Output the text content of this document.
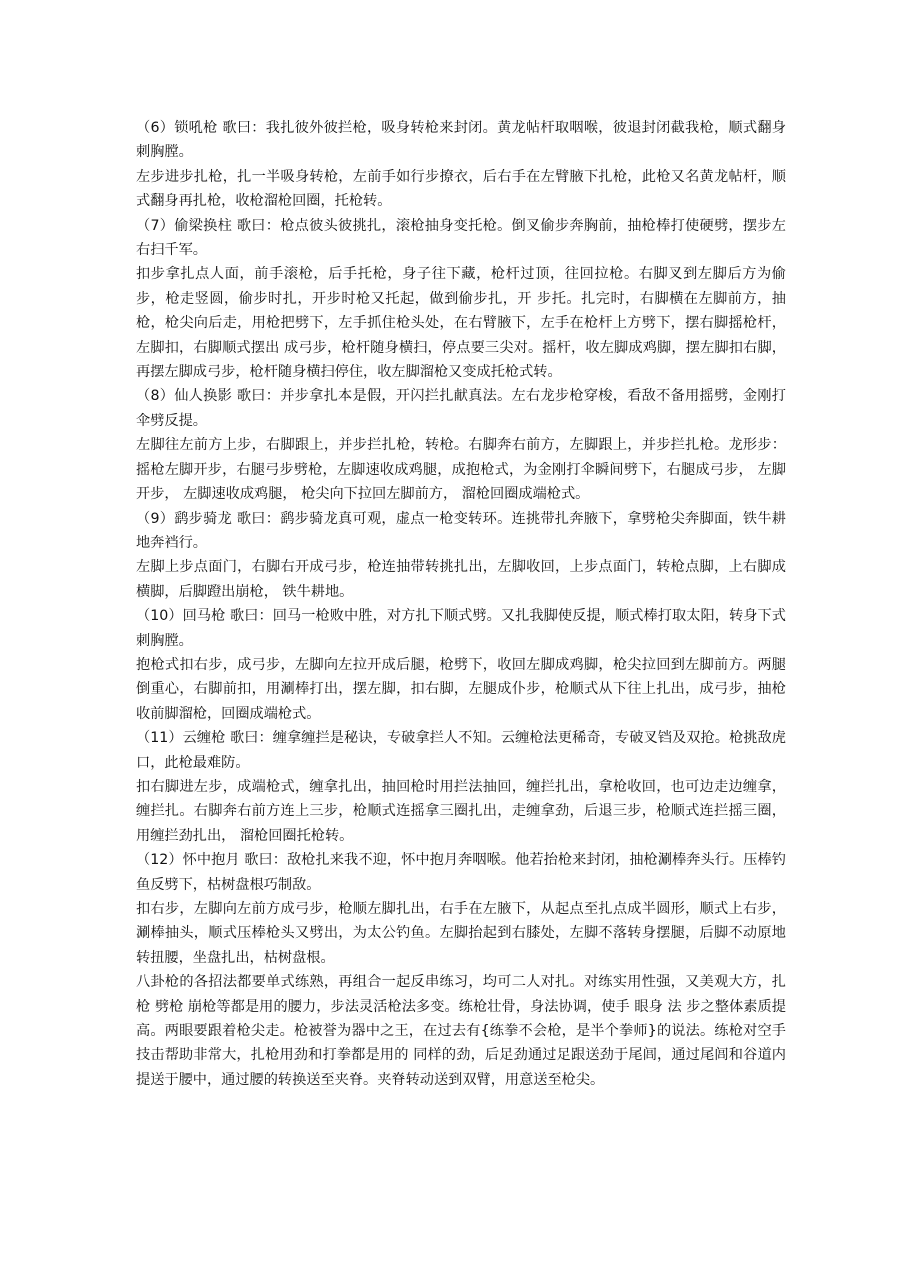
（6）锁吼枪 歌曰：我扎彼外彼拦枪，吸身转枪来封闭。黄龙帖杆取咽喉，彼退封闭截我枪，顺式翻身刺胸膛。

左步进步扎枪，扎一半吸身转枪，左前手如行步撩衣，后右手在左臂腋下扎枪，此枪又名黄龙帖杆，顺式翻身再扎枪，收枪溜枪回圈，托枪转。

（7）偷梁换柱 歌曰：枪点彼头彼挑扎，滚枪抽身变托枪。倒叉偷步奔胸前，抽枪棒打使硬劈，摆步左右扫千军。

扣步拿扎点人面，前手滚枪，后手托枪，身子往下藏，枪杆过顶，往回拉枪。右脚叉到左脚后方为偷步，枪走竖圆，偷步时扎，开步时枪又托起，做到偷步扎，开 步托。扎完时，右脚横在左脚前方，抽枪，枪尖向后走，用枪把劈下，左手抓住枪头处，在右臂腋下，左手在枪杆上方劈下，摆右脚摇枪杆，左脚扣，右脚顺式摆出 成弓步，枪杆随身横扫，停点要三尖对。摇杆，收左脚成鸡脚，摆左脚扣右脚，再摆左脚成弓步，枪杆随身横扫停住，收左脚溜枪又变成托枪式转。

（8）仙人换影 歌曰：并步拿扎本是假，开闪拦扎献真法。左右龙步枪穿梭，看敌不备用摇劈，金刚打伞劈反提。

左脚往左前方上步，右脚跟上，并步拦扎枪，转枪。右脚奔右前方，左脚跟上，并步拦扎枪。龙形步：摇枪左脚开步，右腿弓步劈枪，左脚速收成鸡腿，成抱枪式，为金刚打伞瞬间劈下，右腿成弓步， 左脚开步， 左脚速收成鸡腿， 枪尖向下拉回左脚前方， 溜枪回圈成端枪式。

（9）鹞步骑龙 歌曰：鹞步骑龙真可观，虚点一枪变转环。连挑带扎奔腋下，拿劈枪尖奔脚面，铁牛耕地奔裆行。

左脚上步点面门，右脚右开成弓步，枪连抽带转挑扎出，左脚收回，上步点面门，转枪点脚，上右脚成横脚，后脚蹬出崩枪， 铁牛耕地。

（10）回马枪 歌曰：回马一枪败中胜，对方扎下顺式劈。又扎我脚使反提，顺式棒打取太阳，转身下式刺胸膛。

抱枪式扣右步，成弓步，左脚向左拉开成后腿，枪劈下，收回左脚成鸡脚，枪尖拉回到左脚前方。两腿倒重心，右脚前扣，用涮棒打出，摆左脚，扣右脚，左腿成仆步，枪顺式从下往上扎出，成弓步，抽枪收前脚溜枪，回圈成端枪式。

（11）云缠枪 歌曰：缠拿缠拦是秘诀，专破拿拦人不知。云缠枪法更稀奇，专破叉铛及双抢。枪挑敌虎口，此枪最难防。

扣右脚进左步，成端枪式，缠拿扎出，抽回枪时用拦法抽回，缠拦扎出，拿枪收回，也可边走边缠拿，缠拦扎。右脚奔右前方连上三步，枪顺式连摇拿三圈扎出，走缠拿劲，后退三步，枪顺式连拦摇三圈， 用缠拦劲扎出， 溜枪回圈托枪转。

（12）怀中抱月 歌曰：敌枪扎来我不迎，怀中抱月奔咽喉。他若抬枪来封闭，抽枪涮棒奔头行。压棒钓鱼反劈下，枯树盘根巧制敌。

扣右步，左脚向左前方成弓步，枪顺左脚扎出，右手在左腋下，从起点至扎点成半圆形，顺式上右步，涮棒抽头，顺式压棒枪头又劈出，为太公钓鱼。左脚抬起到右膝处，左脚不落转身摆腿，后脚不动原地转扭腰，坐盘扎出，枯树盘根。

八卦枪的各招法都要单式练熟，再组合一起反串练习，均可二人对扎。对练实用性强，又美观大方，扎枪 劈枪 崩枪等都是用的腰力，步法灵活枪法多变。练枪壮骨，身法协调，使手 眼身 法 步之整体素质提高。两眼要跟着枪尖走。枪被誉为器中之王，在过去有{练拳不会枪，是半个拳师}的说法。练枪对空手技击帮助非常大，扎枪用劲和打拳都是用的 同样的劲，后足劲通过足跟送劲于尾闾，通过尾闾和谷道内提送于腰中，通过腰的转换送至夹脊。夹脊转动送到双臂，用意送至枪尖。
